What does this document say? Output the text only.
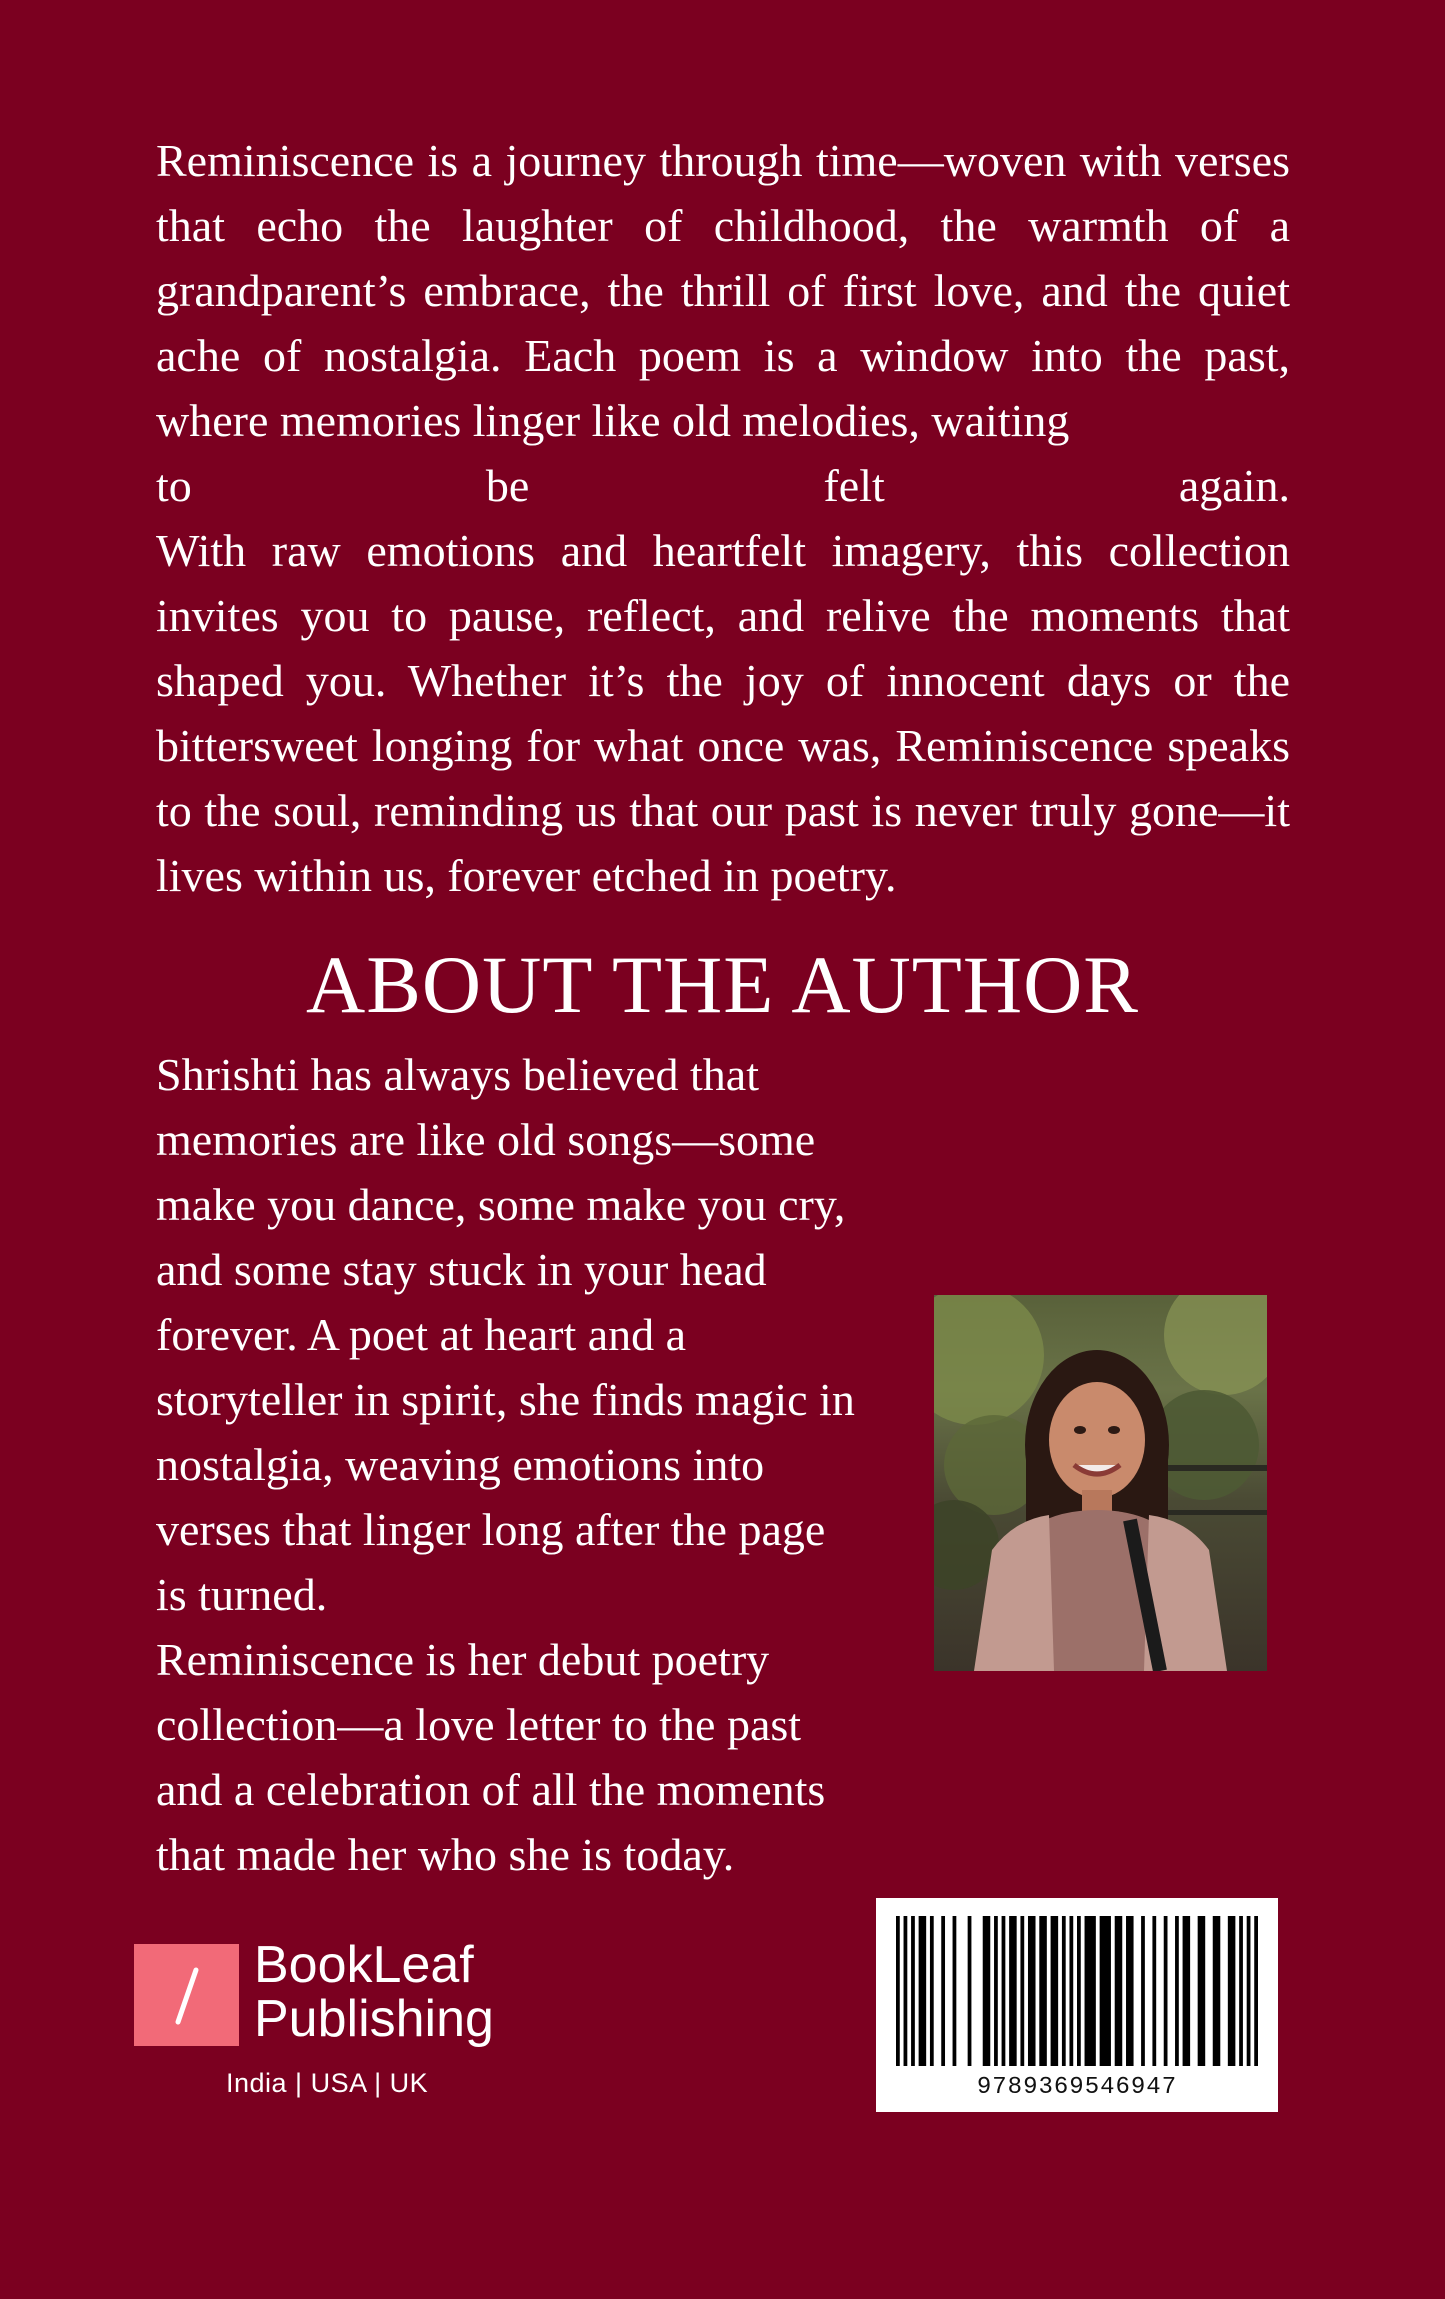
Reminiscence is a journey through time—woven with verses that echo the laughter of childhood, the warmth of a grandparent’s embrace, the thrill of first love, and the quiet ache of nostalgia. Each poem is a window into the past, where memories linger like old melodies, waiting

to be felt again.

With raw emotions and heartfelt imagery, this collection invites you to pause, reflect, and relive the moments that shaped you. Whether it’s the joy of innocent days or the bittersweet longing for what once was, Reminiscence speaks to the soul, reminding us that our past is never truly gone—it lives within us, forever etched in poetry.

ABOUT THE AUTHOR

Shrishti has always believed that

memories are like old songs—some

make you dance, some make you cry,

and some stay stuck in your head

forever. A poet at heart and a

storyteller in spirit, she finds magic in

nostalgia, weaving emotions into

verses that linger long after the page

is turned.

Reminiscence is her debut poetry

collection—a love letter to the past

and a celebration of all the moments

that made her who she is today.

BookLeaf
Publishing
India | USA | UK	9789369546947
